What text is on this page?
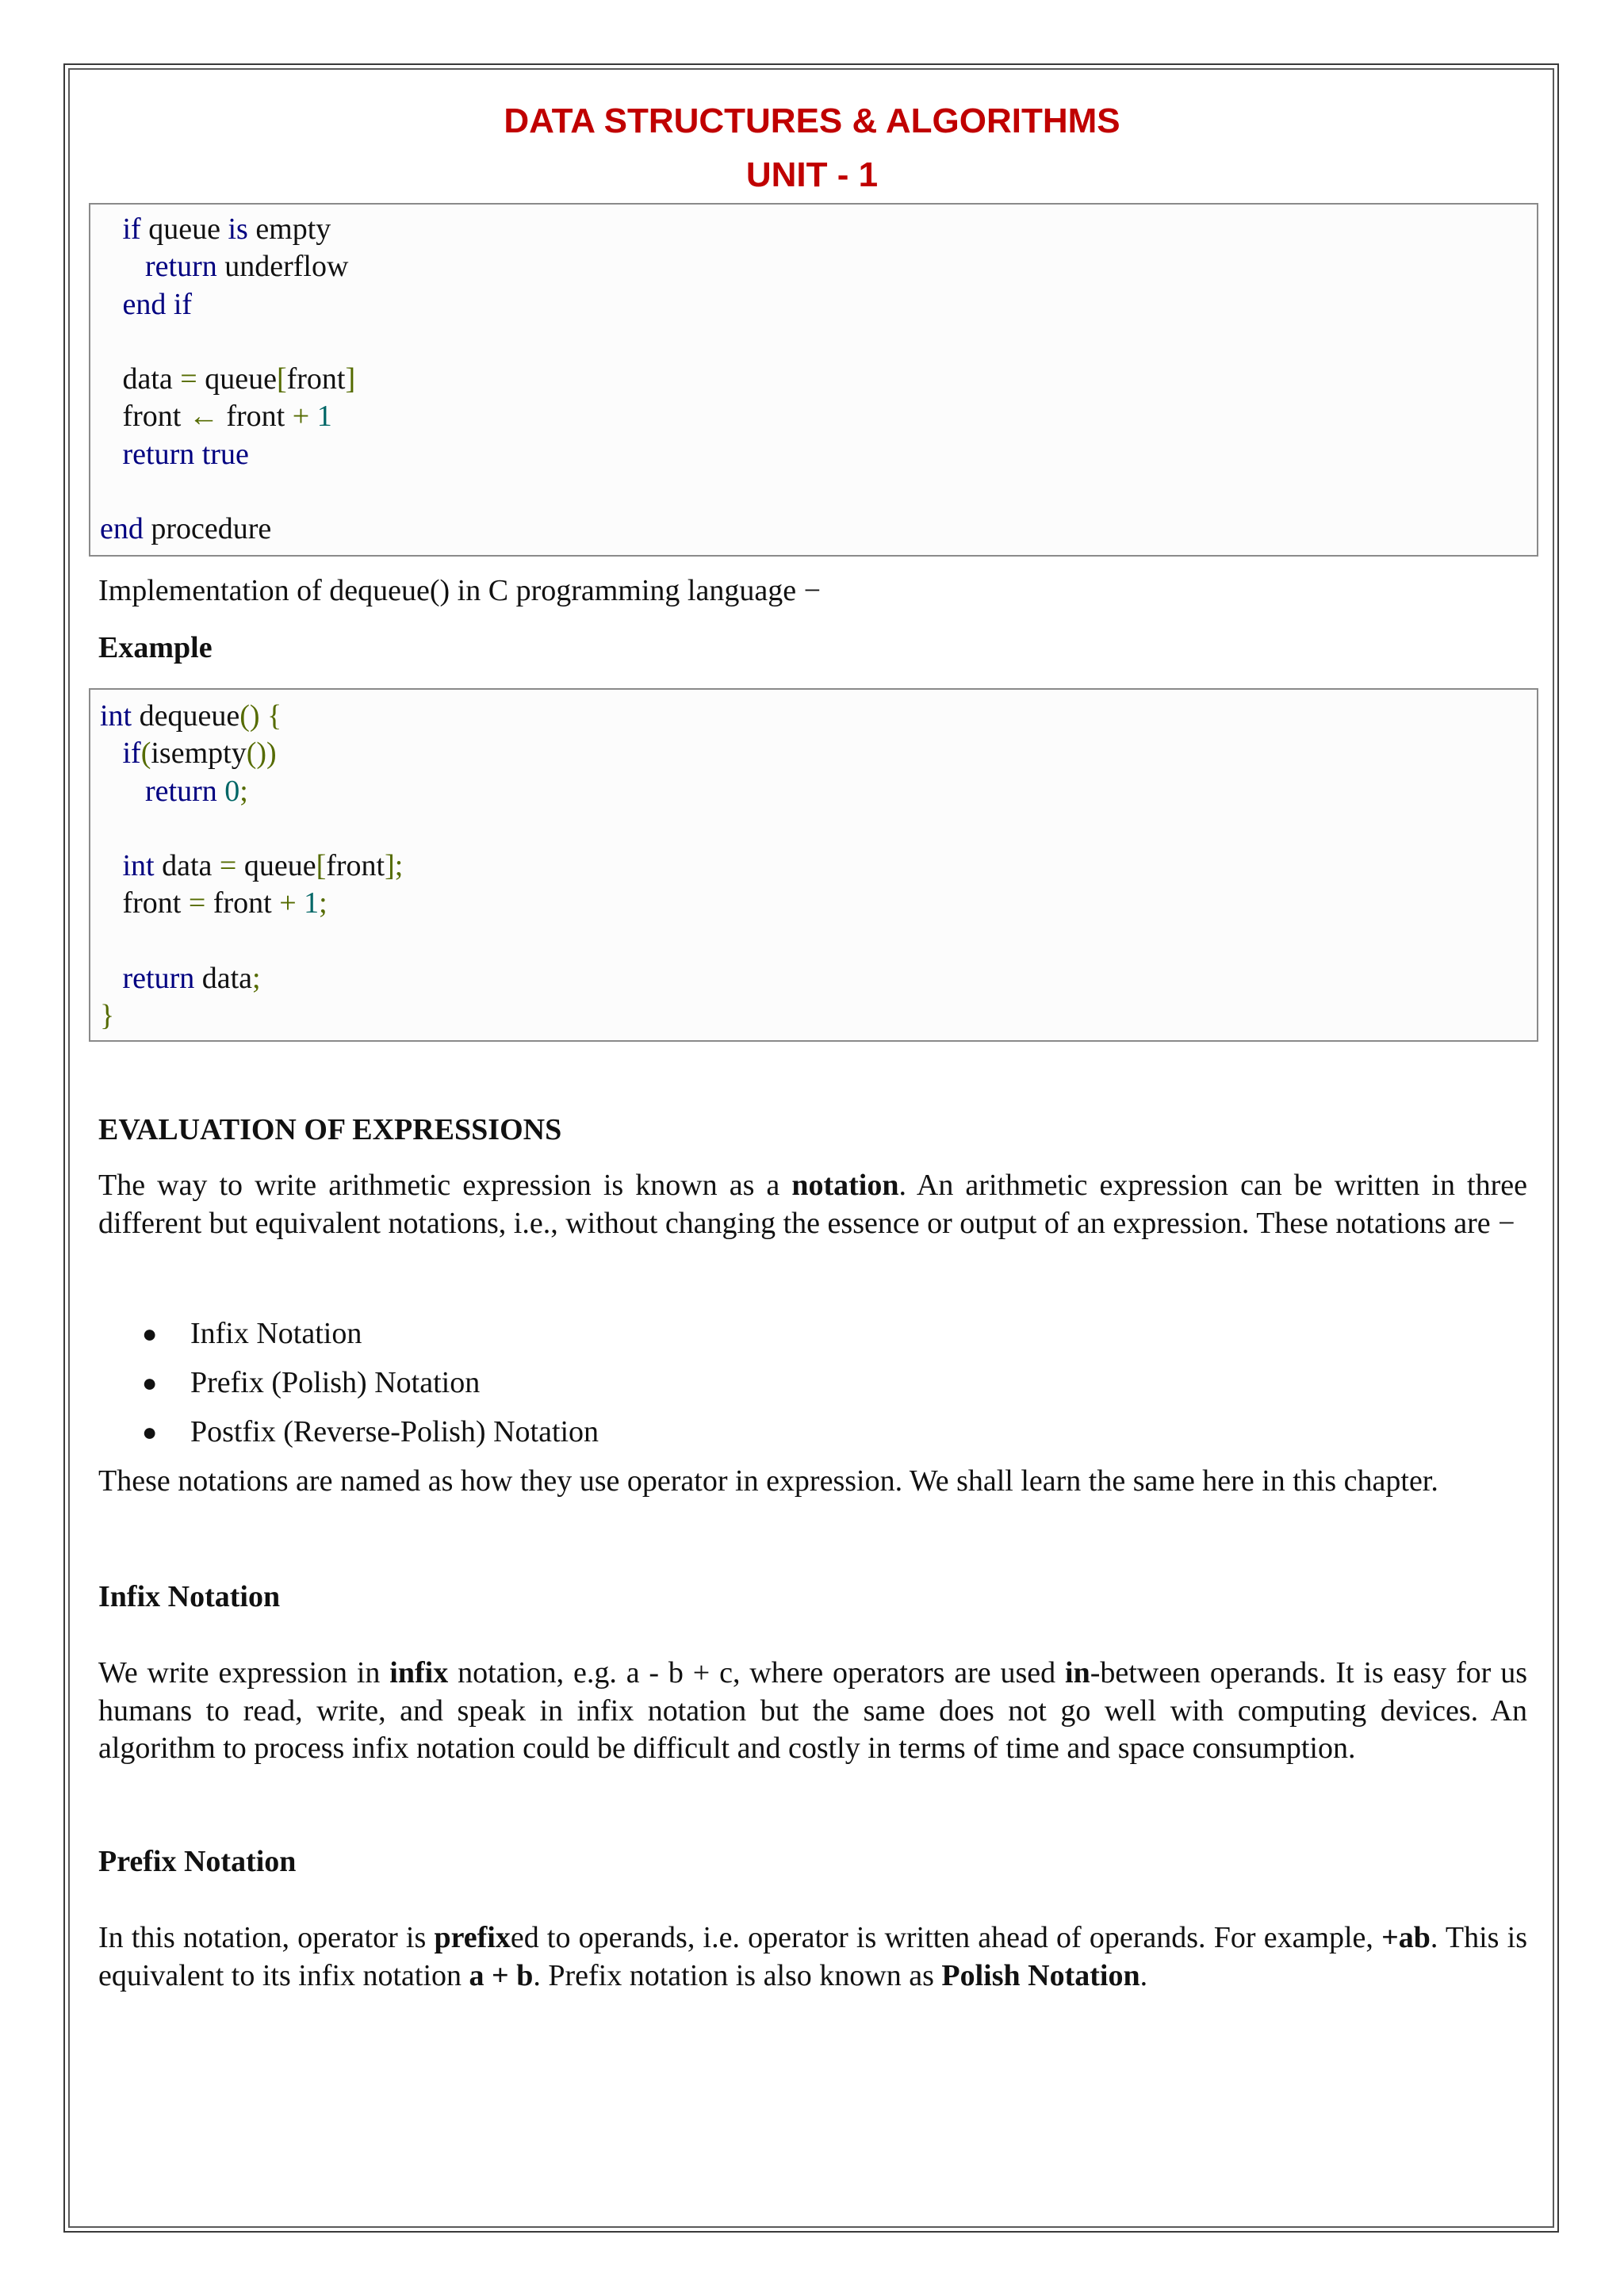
DATA STRUCTURES & ALGORITHMS
UNIT - 1
if queue is empty
return underflow
end if
data = queue[front]
front ← front + 1
return true
end procedure

Implementation of dequeue() in C programming language −

Example

int dequeue() {
if(isempty())
return 0;
int data = queue[front];
front = front + 1;
return data;
}

EVALUATION OF EXPRESSIONS

The way to write arithmetic expression is known as a notation. An arithmetic expression can be written in three different but equivalent notations, i.e., without changing the essence or output of an expression. These notations are −

● Infix Notation
● Prefix (Polish) Notation
● Postfix (Reverse-Polish) Notation

These notations are named as how they use operator in expression. We shall learn the same here in this chapter.

Infix Notation

We write expression in infix notation, e.g. a - b + c, where operators are used in-between operands. It is easy for us humans to read, write, and speak in infix notation but the same does not go well with computing devices. An algorithm to process infix notation could be difficult and costly in terms of time and space consumption.

Prefix Notation

In this notation, operator is prefixed to operands, i.e. operator is written ahead of operands. For example, +ab. This is equivalent to its infix notation a + b. Prefix notation is also known as Polish Notation.
